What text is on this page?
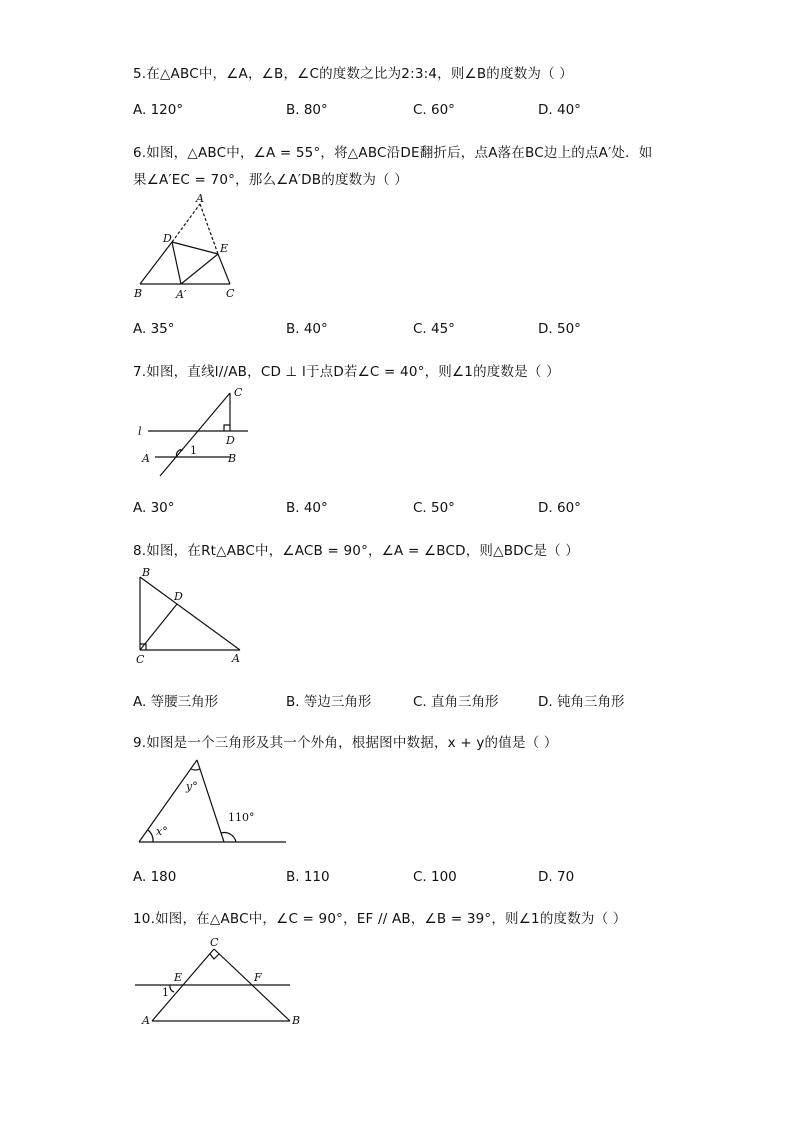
5.在△ABC中，∠A，∠B，∠C的度数之比为2:3:4，则∠B的度数为（ ）
A. 120°	B. 80°	C. 60°	D. 40°
6.如图，△ABC中，∠A = 55°，将△ABC沿DE翻折后，点A落在BC边上的点A′处．如
果∠A′EC = 70°，那么∠A′DB的度数为（ ）
A
D
E
B	A′	C
A. 35°	B. 40°	C. 45°	D. 50°
7.如图，直线l//AB，CD ⊥ l于点D若∠C = 40°，则∠1的度数是（ ）
C
l
D
A
1
B
A. 30°	B. 40°	C. 50°	D. 60°
8.如图，在Rt△ABC中，∠ACB = 90°，∠A = ∠BCD，则△BDC是（ ）
B
D
C	A
A. 等腰三角形	B. 等边三角形	C. 直角三角形	D. 钝角三角形
9.如图是一个三角形及其一个外角，根据图中数据，x + y的值是（ ）
y°
110°
x°
A. 180	B. 110	C. 100	D. 70
10.如图，在△ABC中，∠C = 90°，EF // AB，∠B = 39°，则∠1的度数为（ ）
C
E	F
1
A	B
